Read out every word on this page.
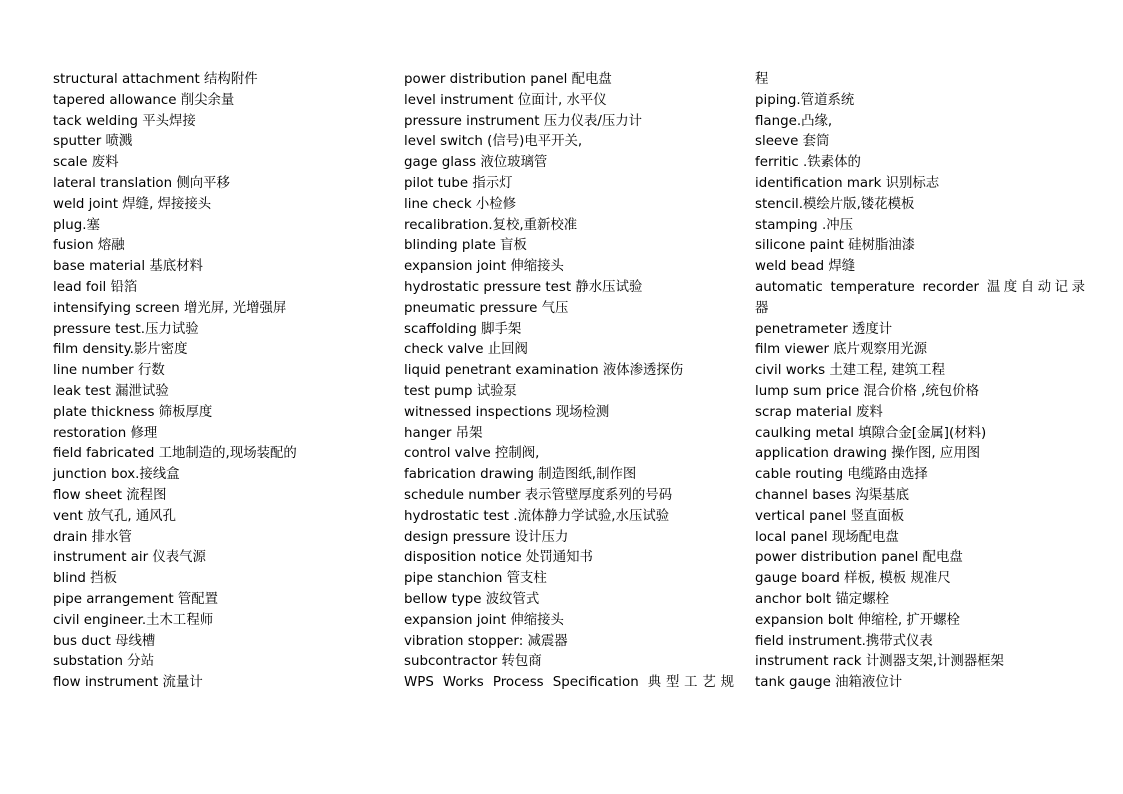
structural attachment 结构附件
tapered allowance 削尖余量
tack welding 平头焊接
sputter 喷溅
scale 废料
lateral translation 侧向平移
weld joint 焊缝, 焊接接头
plug.塞
fusion 熔融
base material 基底材料
lead foil 铅箔
intensifying screen 增光屏, 光增强屏
pressure test.压力试验
film density.影片密度
line number 行数
leak test 漏泄试验
plate thickness 筛板厚度
restoration 修理
field fabricated 工地制造的,现场装配的
junction box.接线盒
flow sheet 流程图
vent 放气孔, 通风孔
drain 排水管
instrument air 仪表气源
blind 挡板
pipe arrangement 管配置
civil engineer.土木工程师
bus duct 母线槽
substation 分站
flow instrument 流量计
power distribution panel 配电盘
level instrument 位面计, 水平仪
pressure instrument 压力仪表/压力计
level switch (信号)电平开关,
gage glass 液位玻璃管
pilot tube 指示灯
line check 小检修
recalibration.复校,重新校准
blinding plate 盲板
expansion joint 伸缩接头
hydrostatic pressure test 静水压试验
pneumatic pressure 气压
scaffolding 脚手架
check valve 止回阀
liquid penetrant examination 液体渗透探伤
test pump 试验泵
witnessed inspections 现场检测
hanger 吊架
control valve 控制阀,
fabrication drawing 制造图纸,制作图
schedule number 表示管壁厚度系列的号码
hydrostatic test .流体静力学试验,水压试验
design pressure 设计压力
disposition notice 处罚通知书
pipe stanchion 管支柱
bellow type 波纹管式
expansion joint 伸缩接头
vibration stopper: 减震器
subcontractor 转包商
WPS Works Process Specification 典型工艺规
程
piping.管道系统
flange.凸缘,
sleeve 套筒
ferritic .铁素体的
identification mark 识别标志
stencil.模绘片版,镂花模板
stamping .冲压
silicone paint 硅树脂油漆
weld bead 焊缝
automatic temperature recorder 温度自动记录
器
penetrameter 透度计
film viewer 底片观察用光源
civil works 土建工程, 建筑工程
lump sum price 混合价格 ,统包价格
scrap material 废料
caulking metal 填隙合金[金属](材料)
application drawing 操作图, 应用图
cable routing 电缆路由选择
channel bases 沟渠基底
vertical panel 竖直面板
local panel 现场配电盘
power distribution panel 配电盘
gauge board 样板, 模板 规准尺
anchor bolt 锚定螺栓
expansion bolt 伸缩栓, 扩开螺栓
field instrument.携带式仪表
instrument rack 计测器支架,计测器框架
tank gauge 油箱液位计
